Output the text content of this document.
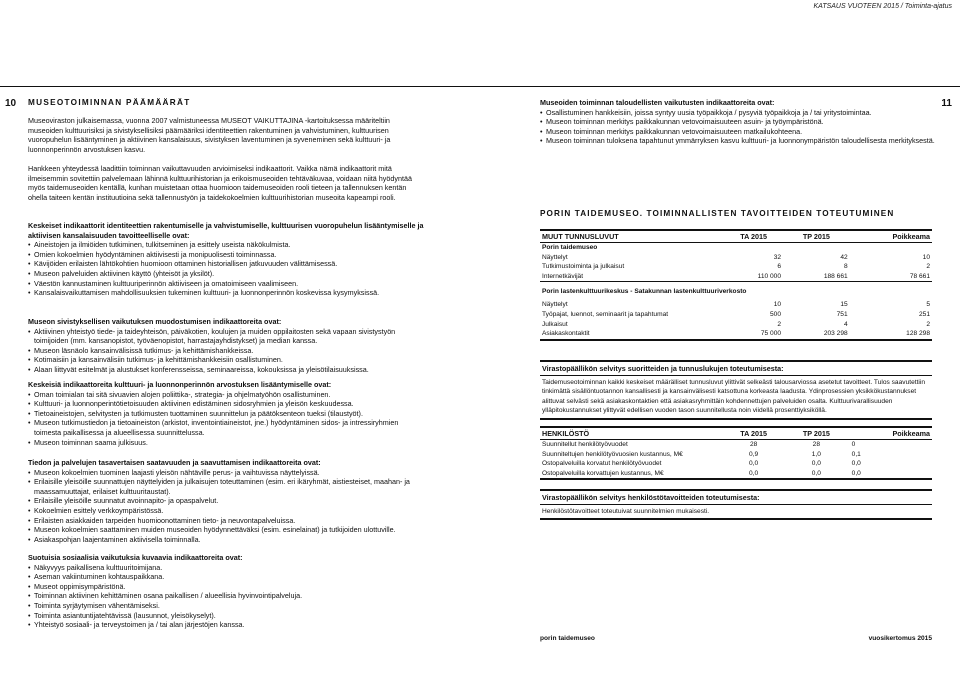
KATSAUS VUOTEEN 2015 / Toiminta-ajatus
10	11
MUSEOTOIMINNAN PÄÄMÄÄRÄT

Museoviraston julkaisemassa, vuonna 2007 valmistuneessa MUSEOT VAIKUTTAJINA -kartoituksessa määriteltiin museoiden kulttuurisiksi ja sivistyksellisiksi päämääriksi identiteettien rakentuminen ja vahvistuminen, kulttuurisen vuoropuhelun lisääntyminen ja aktiivinen kansalaisuus, sivistyksen laventuminen ja syveneminen sekä kulttuuri- ja luonnonperinnön arvostuksen kasvu.

Hankkeen yhteydessä laadittiin toiminnan vaikuttavuuden arvioimiseksi indikaattorit. Vaikka nämä indikaattorit mitä ilmeisemmin sovitettiin palvelemaan lähinnä kulttuurihistorian ja erikoismuseoiden tehtäväkuvaa, voidaan niitä hyödyntää myös taidemuseoiden kentällä, kunhan muistetaan ottaa huomioon taidemuseoiden rooli tieteen ja tallennuksen kentän ohella taiteen kentän instituutioina sekä tallennustyön ja taidekokoelmien kulttuurihistorian museoita kapeampi rooli.

Keskeiset indikaattorit identiteettien rakentumiselle ja vahvistumiselle, kulttuurisen vuoropuhelun lisääntymiselle ja aktiivisen kansalaisuuden tavoitteelliselle ovat:
• Aineistojen ja ilmiöiden tutkiminen, tulkitseminen ja esittely useista näkökulmista.
• Omien kokoelmien hyödyntäminen aktiivisesti ja monipuolisesti toiminnassa.
• Kävijöiden erilaisten lähtökohtien huomioon ottaminen historiallisen jatkuvuuden välittämisessä.
• Museon palveluiden aktiivinen käyttö (yhteisöt ja yksilöt).
• Väestön kannustaminen kulttuuriperinnön aktiiviseen ja omatoimiseen vaalimiseen.
• Kansalaisvaikuttamisen mahdollisuuksien tukeminen kulttuuri- ja luonnonperinnön koskevissa kysymyksissä.
Museon sivistyksellisen vaikutuksen muodostumisen indikaattoreita ovat:
• Aktiivinen yhteistyö tiede- ja taideyhteisön, päiväkotien, koulujen ja muiden oppilaitosten sekä vapaan sivistystyön toimijoiden (mm. kansanopistot, työväenopistot, harrastajayhdistykset) ja median kanssa.
• Museon läsnäolo kansainvälisissä tutkimus- ja kehittämishankkeissa.
• Kotimaisiin ja kansainvälisiin tutkimus- ja kehittämishankkeisiin osallistuminen.
• Alaan liittyvät esitelmät ja alustukset konferensseissa, seminaareissa, kokouksissa ja yleisötilaisuuksissa.
Keskeisiä indikaattoreita kulttuuri- ja luonnonperinnön arvostuksen lisääntymiselle ovat:
• Oman toimialan tai sitä sivuavien alojen poliittika-, strategia- ja ohjelmatyöhön osallistuminen.
• Kulttuuri- ja luonnonperintötietoisuuden aktiivinen edistäminen sidosryhmien ja yleisön keskuudessa.
• Tietoaineistojen, selvitysten ja tutkimusten tuottaminen suunnittelun ja päätöksenteon tueksi (tilaustyöt).
• Museon tutkimustiedon ja tietoaineiston (arkistot, inventointiaineistot, jne.) hyödyntäminen sidos- ja intressiryhmien toimesta paikallisessa ja alueellisessa suunnittelussa.
• Museon toiminnan saama julkisuus.
Tiedon ja palvelujen tasavertaisen saatavuuden ja saavuttamisen indikaattoreita ovat:
• Museon kokoelmien tuominen laajasti yleisön nähtäville perus- ja vaihtuvissa näyttelyissä.
• Erilaisille yleisöille suunnattujen näyttelyiden ja julkaisujen toteuttaminen (esim. eri ikäryhmät, aistiesteiset, maahan- ja maassamuuttajat, erilaiset kulttuuritaustat).
• Erilaisille yleisöille suunnatut avoinnapito- ja opaspalvelut.
• Kokoelmien esittely verkkoympäristössä.
• Erilaisten asiakkaiden tarpeiden huomioonottaminen tieto- ja neuvontapalveluissa.
• Museon kokoelmien saattaminen muiden museoiden hyödynnettäväksi (esim. esinelainat) ja tutkijoiden ulottuville.
• Asiakaspohjan laajentaminen aktiivisella toiminnalla.
Suotuisia sosiaalisia vaikutuksia kuvaavia indikaattoreita ovat:
• Näkyvyys paikallisena kulttuuritoimijana.
• Aseman vakiintuminen kohtauspaikkana.
• Museot oppimisympäristönä.
• Toiminnan aktiivinen kehittäminen osana paikallisen / alueellisia hyvinvointipalveluja.
• Toiminta syrjäytymisen vähentämiseksi.
• Toiminta asiantuntijatehtävissä (lausunnot, yleisökyselyt).
• Yhteistyö sosiaali- ja terveystoimen ja / tai alan järjestöjen kanssa.
Museoiden toiminnan taloudellisten vaikutusten indikaattoreita ovat:
• Osallistuminen hankkeisiin, joissa syntyy uusia työpaikkoja / pysyviä työpaikkoja ja / tai yritystoimintaa.
• Museon toiminnan merkitys paikkakunnan vetovoimaisuuteen asuin- ja työympäristönä.
• Museon toiminnan merkitys paikkakunnan vetovoimaisuuteen matkailukohteena.
• Museon toiminnan tuloksena tapahtunut ymmärryksen kasvu kulttuuri- ja luonnonympäristön taloudellisesta merkityksestä.
PORIN TAIDEMUSEO. TOIMINNALLISTEN TAVOITTEIDEN TOTEUTUMINEN
MUUT TUNNUSLUVUT	TA 2015	TP 2015	Poikkeama
Porin taidemuseo			
Näyttelyt	32	42	10
Tutkimustoiminta ja julkaisut	6	8	2
Internetkävijät	110 000	188 661	78 661
Porin lastenkulttuurikeskus - Satakunnan lastenkulttuuriverkosto			
Näyttelyt	10	15	5
Työpajat, luennot, seminaarit ja tapahtumat	500	751	251
Julkaisut	2	4	2
Asiakaskontaktit	75 000	203 298	128 298
Virastopäällikön selvitys suoritteiden ja tunnuslukujen toteutumisesta:
Taidemuseotoiminnan kaikki keskeiset määrälliset tunnusluvut ylittivät selkeästi talousarviossa asetetut tavoitteet. Tulos saavutettiin tinkimättä sisällöntuotannon kansallisesti ja kansainvälisesti katsottuna korkeasta laadusta. Ydinprosessien yksikkökustannukset alittuvat selvästi sekä asiakaskontaktien että asiakasryhmittäin kohdennettujen palveluiden osalta. Kulttuurivarallisuuden ylläpitokustannukset ylittyvät edellisen vuoden tason suunnitellusta noin viidellä prosenttiyksiköllä.
HENKILÖSTÖ	TA 2015	TP 2015	Poikkeama
Suunnitellut henkilötyövuodet	28	28	0
Suunniteltujen henkilötyövuosien kustannus, M€	0,9	1,0	0,1
Ostopalveluilla korvatut henkilötyövuodet	0,0	0,0	0,0
Ostopalveluilla korvattujen kustannus, M€	0,0	0,0	0,0
Virastopäällikön selvitys henkilöstötavoitteiden toteutumisesta:
Henkilöstötavoitteet toteutuivat suunnitelmien mukaisesti.
porin taidemuseo	vuosikertomus 2015
